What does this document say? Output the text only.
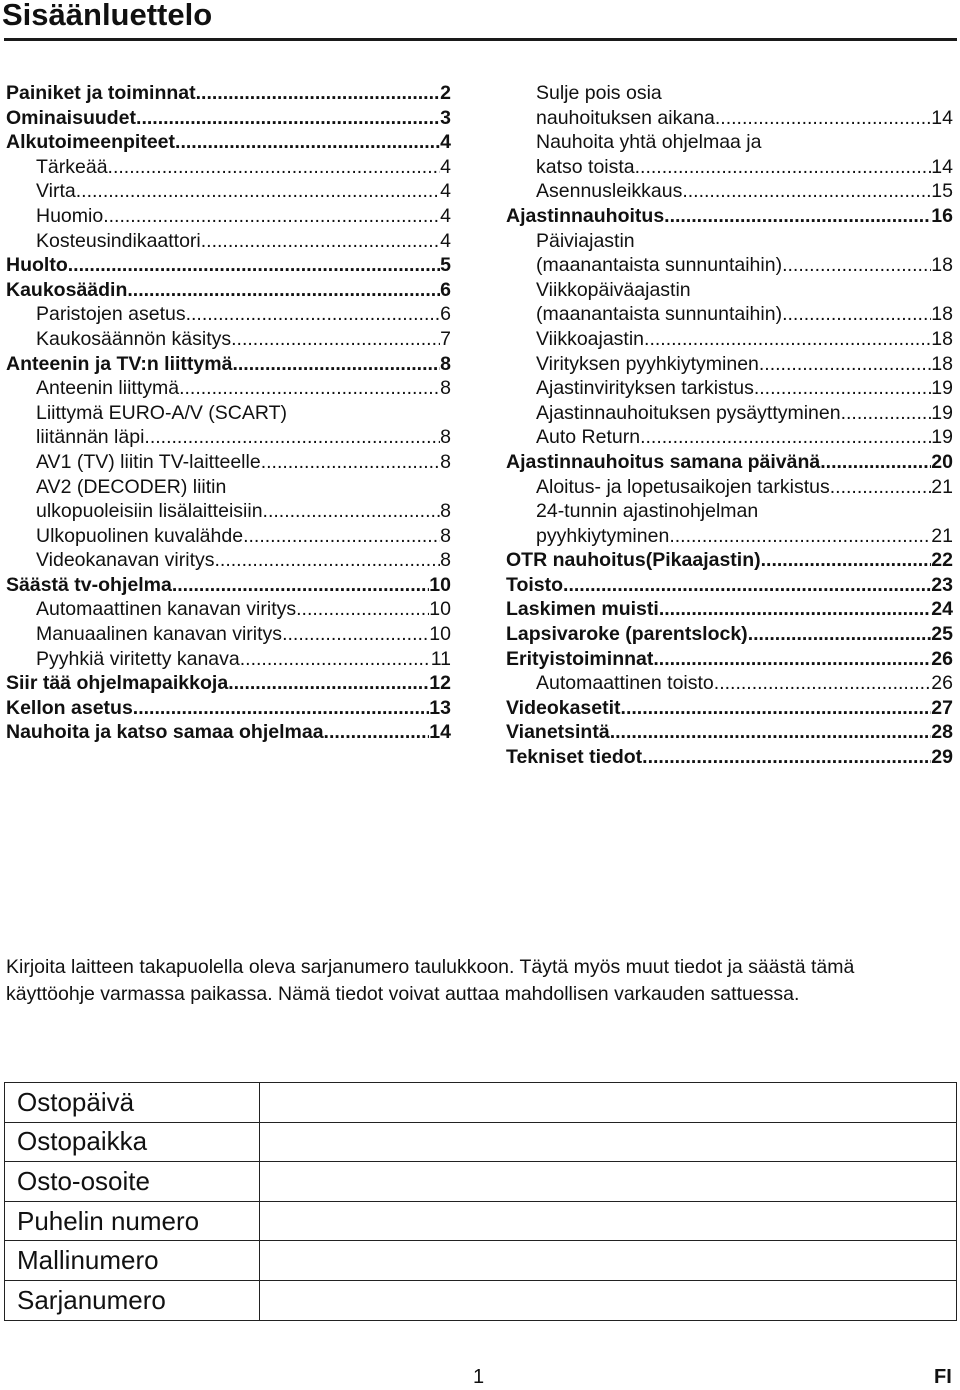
Sisäänluettelo
Painiket ja toiminnat .....	2
Ominaisuudet .....	3
Alkutoimeenpiteet .....	4
Tärkeää .....	4
Virta .....	4
Huomio .....	4
Kosteusindikaattori .....	4
Huolto .....	5
Kaukosäädin .....	6
Paristojen asetus .....	6
Kaukosäännön käsitys .....	7
Anteenin ja TV:n liittymä .....	8
Anteenin liittymä .....	8
Liittymä EURO-A/V (SCART)
liitännän läpi .....	8
AV1 (TV) liitin TV-laitteelle .....	8
AV2 (DECODER) liitin
ulkopuoleisiin lisälaitteisiin .....	8
Ulkopuolinen kuvalähde .....	8
Videokanavan viritys .....	8
Säästä tv-ohjelma .....	10
Automaattinen kanavan viritys .....	10
Manuaalinen kanavan viritys .....	10
Pyyhkiä viritetty kanava .....	11
Siir tää ohjelmapaikkoja .....	12
Kellon asetus .....	13
Nauhoita ja katso samaa ohjelmaa .....	14
Sulje pois osia
nauhoituksen aikana .....	14
Nauhoita yhtä ohjelmaa ja
katso toista .....	14
Asennusleikkaus .....	15
Ajastinnauhoitus .....	16
Päiviajastin
(maanantaista sunnuntaihin) .....	18
Viikkopäiväajastin
(maanantaista sunnuntaihin) .....	18
Viikkoajastin .....	18
Virityksen pyyhkiytyminen .....	18
Ajastinvirityksen tarkistus .....	19
Ajastinnauhoituksen pysäyttyminen .....	19
Auto Return .....	19
Ajastinnauhoitus samana päivänä .....	20
Aloitus- ja lopetusaikojen tarkistus .....	21
24-tunnin ajastinohjelman
pyyhkiytyminen .....	21
OTR nauhoitus(Pikaajastin) .....	22
Toisto .....	23
Laskimen muisti .....	24
Lapsivaroke (parentslock) .....	25
Erityistoiminnat .....	26
Automaattinen toisto .....	26
Videokasetit .....	27
Vianetsintä .....	28
Tekniset tiedot .....	29
Kirjoita laitteen takapuolella oleva sarjanumero taulukkoon. Täytä myös muut tiedot ja säästä tämä käyttöohje varmassa paikassa. Nämä tiedot voivat auttaa mahdollisen varkauden sattuessa.
Ostopäivä	
Ostopaikka	
Osto-osoite	
Puhelin numero	
Mallinumero	
Sarjanumero	
1	FI
